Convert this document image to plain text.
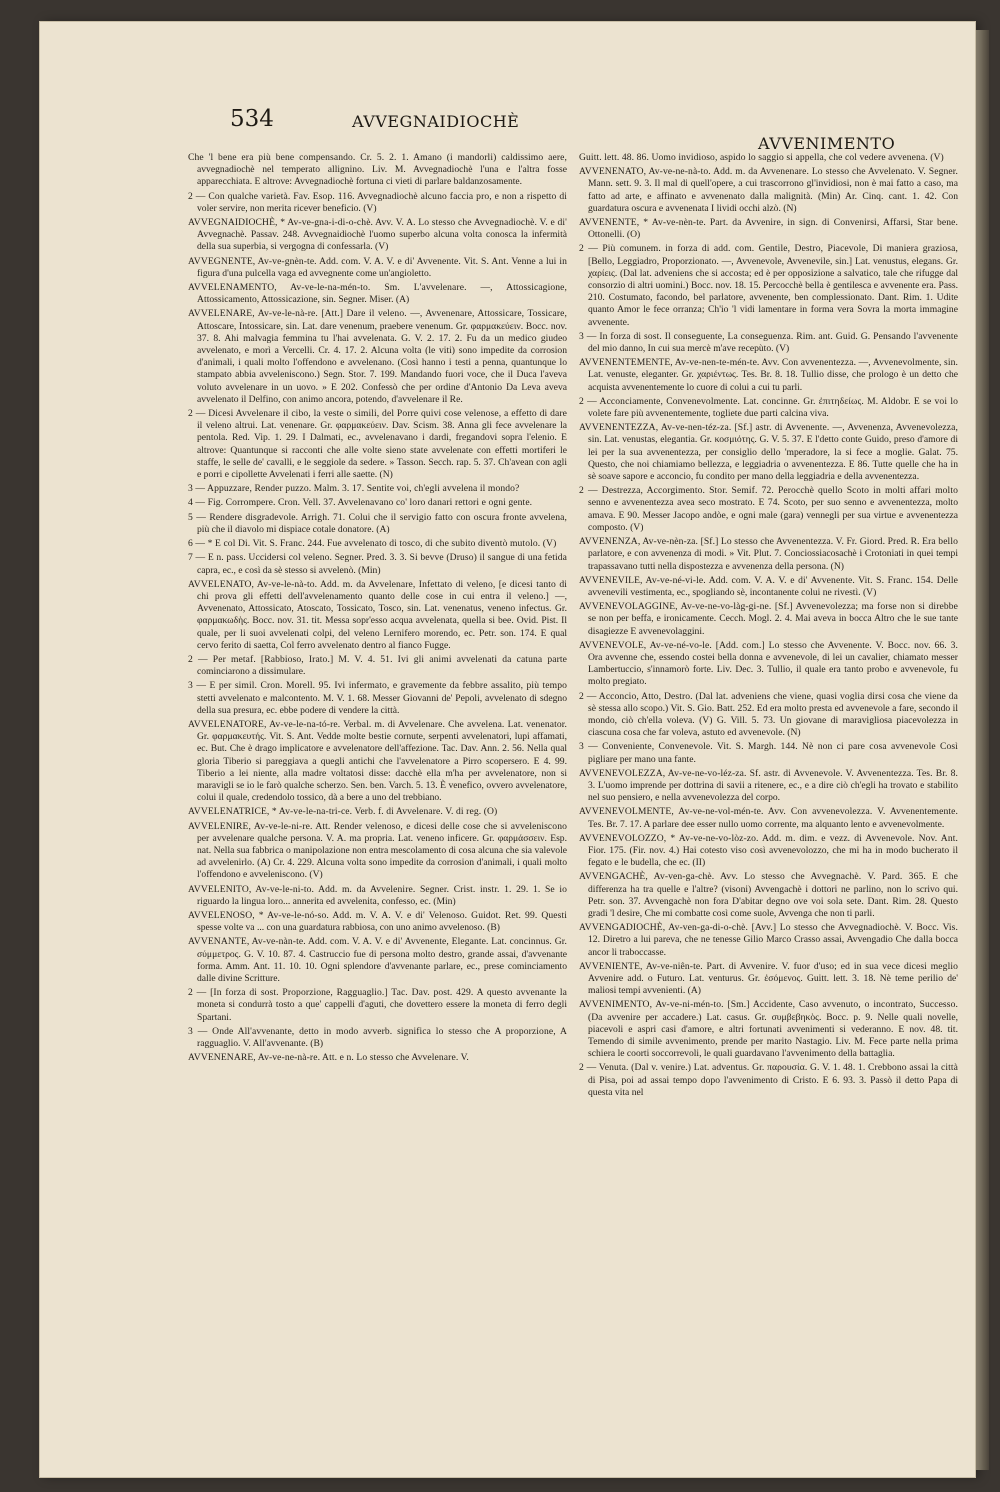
534	AVVEGNAIDIOCHÈ
AVVENIMENTO

Che 'l bene era più bene compensando. Cr. 5. 2. 1. Amano (i mandorli) caldissimo aere, avvegnadiochè nel temperato allignino. Liv. M. Avvegnadiochè l'una e l'altra fosse apparecchiata. E altrove: Avvegnadiochè fortuna ci vieti di parlare baldanzosamente.

2 — Con qualche varietà. Fav. Esop. 116. Avvegnadiochè alcuno faccia pro, e non a rispetto di voler servire, non merita ricever beneficio. (V)

AVVEGNAIDIOCHÈ, * Av-ve-gna-i-di-o-chè. Avv. V. A. Lo stesso che Avvegnadiochè. V. e di' Avvegnachè. Passav. 248. Avvegnaidiochè l'uomo superbo alcuna volta conosca la infermità della sua superbia, si vergogna di confessarla. (V)

AVVEGNENTE, Av-ve-gnèn-te. Add. com. V. A. V. e di' Avvenente. Vit. S. Ant. Venne a lui in figura d'una pulcella vaga ed avvegnente come un'angioletto.

AVVELENAMENTO, Av-ve-le-na-mén-to. Sm. L'avvelenare. —, Attossicagione, Attossicamento, Attossicazione, sin. Segner. Miser. (A)

AVVELENARE, Av-ve-le-nà-re. [Att.] Dare il veleno. —, Avvenenare, Attossicare, Tossicare, Attoscare, Intossicare, sin. Lat. dare venenum, praebere venenum. Gr. φαρμακεύειν. Bocc. nov. 37. 8. Ahi malvagia femmina tu l'hai avvelenata. G. V. 2. 17. 2. Fu da un medico giudeo avvelenato, e morì a Vercelli. Cr. 4. 17. 2. Alcuna volta (le viti) sono impedite da corrosion d'animali, i quali molto l'offendono e avvelenano. (Così hanno i testi a penna, quantunque lo stampato abbia avveleniscono.) Segn. Stor. 7. 199. Mandando fuori voce, che il Duca l'aveva voluto avvelenare in un uovo. » E 202. Confessò che per ordine d'Antonio Da Leva aveva avvelenato il Delfino, con animo ancora, potendo, d'avvelenare il Re.

2 — Dicesi Avvelenare il cibo, la veste o simili, del Porre quivi cose velenose, a effetto di dare il veleno altrui. Lat. venenare. Gr. φαρμακεύειν. Dav. Scism. 38. Anna gli fece avvelenare la pentola. Red. Vip. 1. 29. I Dalmati, ec., avvelenavano i dardi, fregandovi sopra l'elenio. E altrove: Quantunque si racconti che alle volte sieno state avvelenate con effetti mortiferi le staffe, le selle de' cavalli, e le seggiole da sedere. » Tasson. Secch. rap. 5. 37. Ch'avean con agli e porri e cipollette Avvelenati i ferri alle saette. (N)

3 — Appuzzare, Render puzzo. Malm. 3. 17. Sentite voi, ch'egli avvelena il mondo?

4 — Fig. Corrompere. Cron. Vell. 37. Avvelenavano co' loro danari rettori e ogni gente.

5 — Rendere disgradevole. Arrigh. 71. Colui che il servigio fatto con oscura fronte avvelena, più che il diavolo mi dispiace cotale donatore. (A)

6 — * E col Di. Vit. S. Franc. 244. Fue avvelenato di tosco, di che subito diventò mutolo. (V)

7 — E n. pass. Uccidersi col veleno. Segner. Pred. 3. 3. Si bevve (Druso) il sangue di una fetida capra, ec., e così da sè stesso si avvelenò. (Min)

AVVELENATO, Av-ve-le-nà-to. Add. m. da Avvelenare, Infettato di veleno, [e dicesi tanto di chi prova gli effetti dell'avvelenamento quanto delle cose in cui entra il veleno.] —, Avvenenato, Attossicato, Atoscato, Tossicato, Tosco, sin. Lat. venenatus, veneno infectus. Gr. φαρμακωδὴς. Bocc. nov. 31. tit. Messa sopr'esso acqua avvelenata, quella si bee. Ovid. Pist. Il quale, per li suoi avvelenati colpi, del veleno Lernifero morendo, ec. Petr. son. 174. E qual cervo ferito di saetta, Col ferro avvelenato dentro al fianco Fugge.

2 — Per metaf. [Rabbioso, Irato.] M. V. 4. 51. Ivi gli animi avvelenati da catuna parte cominciarono a dissimulare.

3 — E per simil. Cron. Morell. 95. Ivi infermato, e gravemente da febbre assalito, più tempo stetti avvelenato e malcontento. M. V. 1. 68. Messer Giovanni de' Pepoli, avvelenato di sdegno della sua presura, ec. ebbe podere di vendere la città.

AVVELENATORE, Av-ve-le-na-tó-re. Verbal. m. di Avvelenare. Che avvelena. Lat. venenator. Gr. φαρμακευτής. Vit. S. Ant. Vedde molte bestie cornute, serpenti avvelenatori, lupi affamati, ec. But. Che è drago implicatore e avvelenatore dell'affezione. Tac. Dav. Ann. 2. 56. Nella qual gloria Tiberio si pareggiava a quegli antichi che l'avvelenatore a Pirro scopersero. E 4. 99. Tiberio a lei niente, alla madre voltatosi disse: dacchè ella m'ha per avvelenatore, non si maravigli se io le farò qualche scherzo. Sen. ben. Varch. 5. 13. È venefico, ovvero avvelenatore, colui il quale, credendolo tossico, dà a bere a uno del trebbiano.

AVVELENATRICE, * Av-ve-le-na-tri-ce. Verb. f. di Avvelenare. V. di reg. (O)

AVVELENIRE, Av-ve-le-ni-re. Att. Render velenoso, e dicesi delle cose che si avveleniscono per avvelenare qualche persona. V. A. ma propria. Lat. veneno inficere. Gr. φαρμάσσειν. Esp. nat. Nella sua fabbrica o manipolazione non entra mescolamento di cosa alcuna che sia valevole ad avvelenirlo. (A) Cr. 4. 229. Alcuna volta sono impedite da corrosion d'animali, i quali molto l'offendono e avveleniscono. (V)

AVVELENITO, Av-ve-le-ni-to. Add. m. da Avvelenire. Segner. Crist. instr. 1. 29. 1. Se io riguardo la lingua loro... annerita ed avvelenita, confesso, ec. (Min)

AVVELENOSO, * Av-ve-le-nó-so. Add. m. V. A. V. e di' Velenoso. Guidot. Ret. 99. Questi spesse volte va ... con una guardatura rabbiosa, con uno animo avvelenoso. (B)

AVVENANTE, Av-ve-nàn-te. Add. com. V. A. V. e di' Avvenente, Elegante. Lat. concinnus. Gr. σύμμετρος. G. V. 10. 87. 4. Castruccio fue di persona molto destro, grande assai, d'avvenante forma. Amm. Ant. 11. 10. 10. Ogni splendore d'avvenante parlare, ec., prese cominciamento dalle divine Scritture.

2 — [In forza di sost. Proporzione, Ragguaglio.] Tac. Dav. post. 429. A questo avvenante la moneta si condurrà tosto a que' cappelli d'aguti, che dovettero essere la moneta di ferro degli Spartani.

3 — Onde All'avvenante, detto in modo avverb. significa lo stesso che A proporzione, A ragguaglio. V. All'avvenante. (B)

AVVENENARE, Av-ve-ne-nà-re. Att. e n. Lo stesso che Avvelenare. V.

Guitt. lett. 48. 86. Uomo invidioso, aspido lo saggio si appella, che col vedere avvenena. (V)

AVVENENATO, Av-ve-ne-nà-to. Add. m. da Avvenenare. Lo stesso che Avvelenato. V. Segner. Mann. sett. 9. 3. Il mal di quell'opere, a cui trascorrono gl'invidiosi, non è mai fatto a caso, ma fatto ad arte, e affinato e avvenenato dalla malignità. (Min) Ar. Cinq. cant. 1. 42. Con guardatura oscura e avvenenata I lividi occhi alzò. (N)

AVVENENTE, * Av-ve-nèn-te. Part. da Avvenire, in sign. di Convenirsi, Affarsi, Star bene. Ottonelli. (O)

2 — Più comunem. in forza di add. com. Gentile, Destro, Piacevole, Di maniera graziosa, [Bello, Leggiadro, Proporzionato. —, Avvenevole, Avvenevile, sin.] Lat. venustus, elegans. Gr. χαρίεις. (Dal lat. adveniens che si accosta; ed è per opposizione a salvatico, tale che rifugge dal consorzio di altri uomini.) Bocc. nov. 18. 15. Percocchè bella è gentilesca e avvenente era. Pass. 210. Costumato, facondo, bel parlatore, avvenente, ben complessionato. Dant. Rim. 1. Udite quanto Amor le fece orranza; Ch'io 'l vidi lamentare in forma vera Sovra la morta immagine avvenente.

3 — In forza di sost. Il conseguente, La conseguenza. Rim. ant. Guid. G. Pensando l'avvenente del mio danno, In cui sua mercè m'ave recepùto. (V)

AVVENENTEMENTE, Av-ve-nen-te-mén-te. Avv. Con avvenentezza. —, Avvenevolmente, sin. Lat. venuste, eleganter. Gr. χαριέντως. Tes. Br. 8. 18. Tullio disse, che prologo è un detto che acquista avvenentemente lo cuore di colui a cui tu parli.

2 — Acconciamente, Convenevolmente. Lat. concinne. Gr. ἐπιτηδείως. M. Aldobr. E se voi lo volete fare più avvenentemente, togliete due parti calcina viva.

AVVENENTEZZA, Av-ve-nen-téz-za. [Sf.] astr. di Avvenente. —, Avvenenza, Avvenevolezza, sin. Lat. venustas, elegantia. Gr. κοσμιότης. G. V. 5. 37. E l'detto conte Guido, preso d'amore di lei per la sua avvenentezza, per consiglio dello 'mperadore, la si fece a moglie. Galat. 75. Questo, che noi chiamiamo bellezza, e leggiadria o avvenentezza. E 86. Tutte quelle che ha in sè soave sapore e acconcio, fu condito per mano della leggiadria e della avvenentezza.

2 — Destrezza, Accorgimento. Stor. Semif. 72. Perocchè quello Scoto in molti affari molto senno e avvenentezza avea seco mostrato. E 74. Scoto, per suo senno e avvenentezza, molto amava. E 90. Messer Jacopo andòe, e ogni male (gara) vennegli per sua virtue e avvenentezza composto. (V)

AVVENENZA, Av-ve-nèn-za. [Sf.] Lo stesso che Avvenentezza. V. Fr. Giord. Pred. R. Era bello parlatore, e con avvenenza di modi. » Vit. Plut. 7. Conciossiacosachè i Crotoniati in quei tempi trapassavano tutti nella dispostezza e avvenenza della persona. (N)

AVVENEVILE, Av-ve-né-vi-le. Add. com. V. A. V. e di' Avvenente. Vit. S. Franc. 154. Delle avvenevili vestimenta, ec., spogliando sè, incontanente colui ne rivestì. (V)

AVVENEVOLAGGINE, Av-ve-ne-vo-làg-gi-ne. [Sf.] Avvenevolezza; ma forse non si direbbe se non per beffa, e ironicamente. Cecch. Mogl. 2. 4. Mai aveva in bocca Altro che le sue tante disagiezze E avvenevolaggini.

AVVENEVOLE, Av-ve-né-vo-le. [Add. com.] Lo stesso che Avvenente. V. Bocc. nov. 66. 3. Ora avvenne che, essendo costei bella donna e avvenevole, di lei un cavalier, chiamato messer Lambertuccio, s'innamorò forte. Liv. Dec. 3. Tullio, il quale era tanto probo e avvenevole, fu molto pregiato.

2 — Acconcio, Atto, Destro. (Dal lat. adveniens che viene, quasi voglia dirsi cosa che viene da sè stessa allo scopo.) Vit. S. Gio. Batt. 252. Ed era molto presta ed avvenevole a fare, secondo il mondo, ciò ch'ella voleva. (V) G. Vill. 5. 73. Un giovane di maravigliosa piacevolezza in ciascuna cosa che far voleva, astuto ed avvenevole. (N)

3 — Conveniente, Convenevole. Vit. S. Margh. 144. Nè non ci pare cosa avvenevole Così pigliare per mano una fante.

AVVENEVOLEZZA, Av-ve-ne-vo-léz-za. Sf. astr. di Avvenevole. V. Avvenentezza. Tes. Br. 8. 3. L'uomo imprende per dottrina di savii a ritenere, ec., e a dire ciò ch'egli ha trovato e stabilito nel suo pensiero, e nella avvenevolezza del corpo.

AVVENEVOLMENTE, Av-ve-ne-vol-mén-te. Avv. Con avvenevolezza. V. Avvenentemente. Tes. Br. 7. 17. A parlare dee esser nullo uomo corrente, ma alquanto lento e avvenevolmente.

AVVENEVOLOZZO, * Av-ve-ne-vo-lòz-zo. Add. m. dim. e vezz. di Avvenevole. Nov. Ant. Fior. 175. (Fir. nov. 4.) Hai cotesto viso così avvenevolozzo, che mi ha in modo bucherato il fegato e le budella, che ec. (II)

AVVENGACHÈ, Av-ven-ga-chè. Avv. Lo stesso che Avvegnachè. V. Pard. 365. E che differenza ha tra quelle e l'altre? (visoni) Avvengachè i dottori ne parlino, non lo scrivo qui. Petr. son. 37. Avvengachè non fora D'abitar degno ove voi sola sete. Dant. Rim. 28. Questo gradi 'l desire, Che mi combatte così come suole, Avvenga che non ti parli.

AVVENGADIOCHÈ, Av-ven-ga-di-o-chè. [Avv.] Lo stesso che Avvegnadiochè. V. Bocc. Vis. 12. Diretro a lui pareva, che ne tenesse Gilio Marco Crasso assai, Avvengadio Che dalla bocca ancor li traboccasse.

AVVENIENTE, Av-ve-niên-te. Part. di Avvenire. V. fuor d'uso; ed in sua vece dicesi meglio Avvenire add. o Futuro. Lat. venturus. Gr. ἐσόμενος. Guitt. lett. 3. 18. Nè teme perilio de' maliosi tempi avvenienti. (A)

AVVENIMENTO, Av-ve-ni-mén-to. [Sm.] Accidente, Caso avvenuto, o incontrato, Successo. (Da avvenire per accadere.) Lat. casus. Gr. συμβεβηκὸς. Bocc. p. 9. Nelle quali novelle, piacevoli e aspri casi d'amore, e altri fortunati avvenimenti si vederanno. E nov. 48. tit. Temendo di simile avvenimento, prende per marito Nastagio. Liv. M. Fece parte nella prima schiera le coorti soccorrevoli, le quali guardavano l'avvenimento della battaglia.

2 — Venuta. (Dal v. venire.) Lat. adventus. Gr. παρουσία. G. V. 1. 48. 1. Crebbono assai la città di Pisa, poi ad assai tempo dopo l'avvenimento di Cristo. E 6. 93. 3. Passò il detto Papa di questa vita nel
